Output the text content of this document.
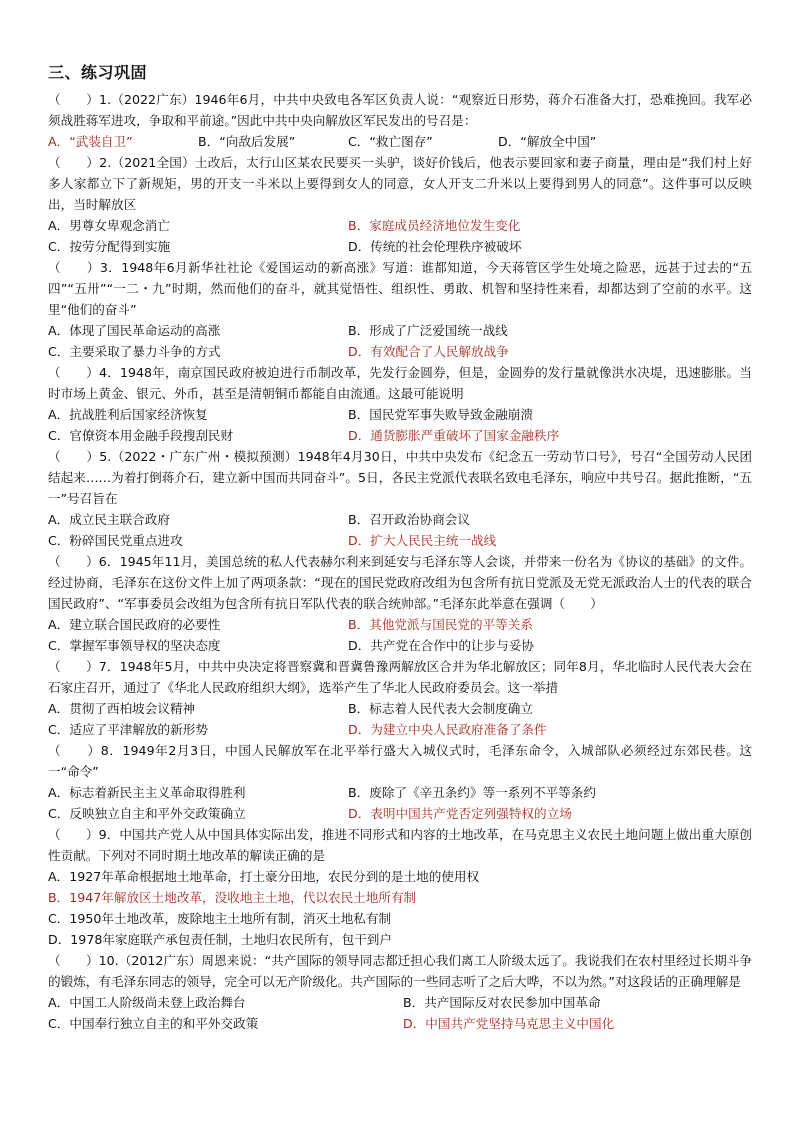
三、练习巩固
（　　）1.（2022广东）1946年6月，中共中央致电各军区负责人说：“观察近日形势，蒋介石准备大打，恐难挽回。我军必须战胜蒋军进攻，争取和平前途。”因此中共中央向解放区军民发出的号召是：
A．“武装自卫”	B．“向敌后发展”	C．“救亡图存”	D．“解放全中国”
（　　）2.（2021全国）土改后，太行山区某农民要买一头驴，谈好价钱后，他表示要回家和妻子商量，理由是“我们村上好多人家都立下了新规矩，男的开支一斗米以上要得到女人的同意，女人开支二升米以上要得到男人的同意”。这件事可以反映出，当时解放区
A．男尊女卑观念消亡	B．家庭成员经济地位发生变化
C．按劳分配得到实施	D．传统的社会伦理秩序被破坏
（　　）3．1948年6月新华社社论《爱国运动的新高涨》写道：谁都知道，今天蒋管区学生处境之险恶，远甚于过去的“五四”“五卅”“一二・九”时期，然而他们的奋斗，就其觉悟性、组织性、勇敢、机智和坚持性来看，却都达到了空前的水平。这里“他们的奋斗”
A．体现了国民革命运动的高涨	B．形成了广泛爱国统一战线
C．主要采取了暴力斗争的方式	D．有效配合了人民解放战争
（　　）4．1948年，南京国民政府被迫进行币制改革，先发行金圆券，但是，金圆券的发行量就像洪水决堤，迅速膨胀。当时市场上黄金、银元、外币，甚至是清朝铜币都能自由流通。这最可能说明
A．抗战胜利后国家经济恢复	B．国民党军事失败导致金融崩溃
C．官僚资本用金融手段搜刮民财	D．通货膨胀严重破坏了国家金融秩序
（　　）5.（2022・广东广州・模拟预测）1948年4月30日，中共中央发布《纪念五一劳动节口号》，号召“全国劳动人民团结起来……为着打倒蒋介石，建立新中国而共同奋斗”。5日，各民主党派代表联名致电毛泽东，响应中共号召。据此推断，“五一”号召旨在
A．成立民主联合政府	B．召开政治协商会议
C．粉碎国民党重点进攻	D．扩大人民民主统一战线
（　　）6．1945年11月，美国总统的私人代表赫尔利来到延安与毛泽东等人会谈，并带来一份名为《协议的基础》的文件。经过协商，毛泽东在这份文件上加了两项条款：“现在的国民党政府改组为包含所有抗日党派及无党无派政治人士的代表的联合国民政府”、“军事委员会改组为包含所有抗日军队代表的联合统帅部。”毛泽东此举意在强调（　　）
A．建立联合国民政府的必要性	B．其他党派与国民党的平等关系
C．掌握军事领导权的坚决态度	D．共产党在合作中的让步与妥协
（　　）7．1948年5月，中共中央决定将晋察冀和晋冀鲁豫两解放区合并为华北解放区；同年8月，华北临时人民代表大会在石家庄召开，通过了《华北人民政府组织大纲》，选举产生了华北人民政府委员会。这一举措
A．贯彻了西柏坡会议精神	B．标志着人民代表大会制度确立
C．适应了平津解放的新形势	D．为建立中央人民政府准备了条件
（　　）8．1949年2月3日，中国人民解放军在北平举行盛大入城仪式时，毛泽东命令，入城部队必须经过东郊民巷。这一“命令”
A．标志着新民主主义革命取得胜利	B．废除了《辛丑条约》等一系列不平等条约
C．反映独立自主和平外交政策确立	D．表明中国共产党否定列强特权的立场
（　　）9．中国共产党人从中国具体实际出发，推进不同形式和内容的土地改革，在马克思主义农民土地问题上做出重大原创性贡献。下列对不同时期土地改革的解读正确的是
A．1927年革命根据地土地革命，打土豪分田地，农民分到的是土地的使用权
B．1947年解放区土地改革，没收地主土地，代以农民土地所有制
C．1950年土地改革，废除地主土地所有制，消灭土地私有制
D．1978年家庭联产承包责任制，土地归农民所有，包干到户
（　　）10.（2012广东）周恩来说：“共产国际的领导同志都迁担心我们离工人阶级太远了。我说我们在农村里经过长期斗争的锻炼，有毛泽东同志的领导，完全可以无产阶级化。共产国际的一些同志听了之后大哗，不以为然。”对这段话的正确理解是
A．中国工人阶级尚未登上政治舞台	B．共产国际反对农民参加中国革命
C．中国奉行独立自主的和平外交政策	D．中国共产党坚持马克思主义中国化
